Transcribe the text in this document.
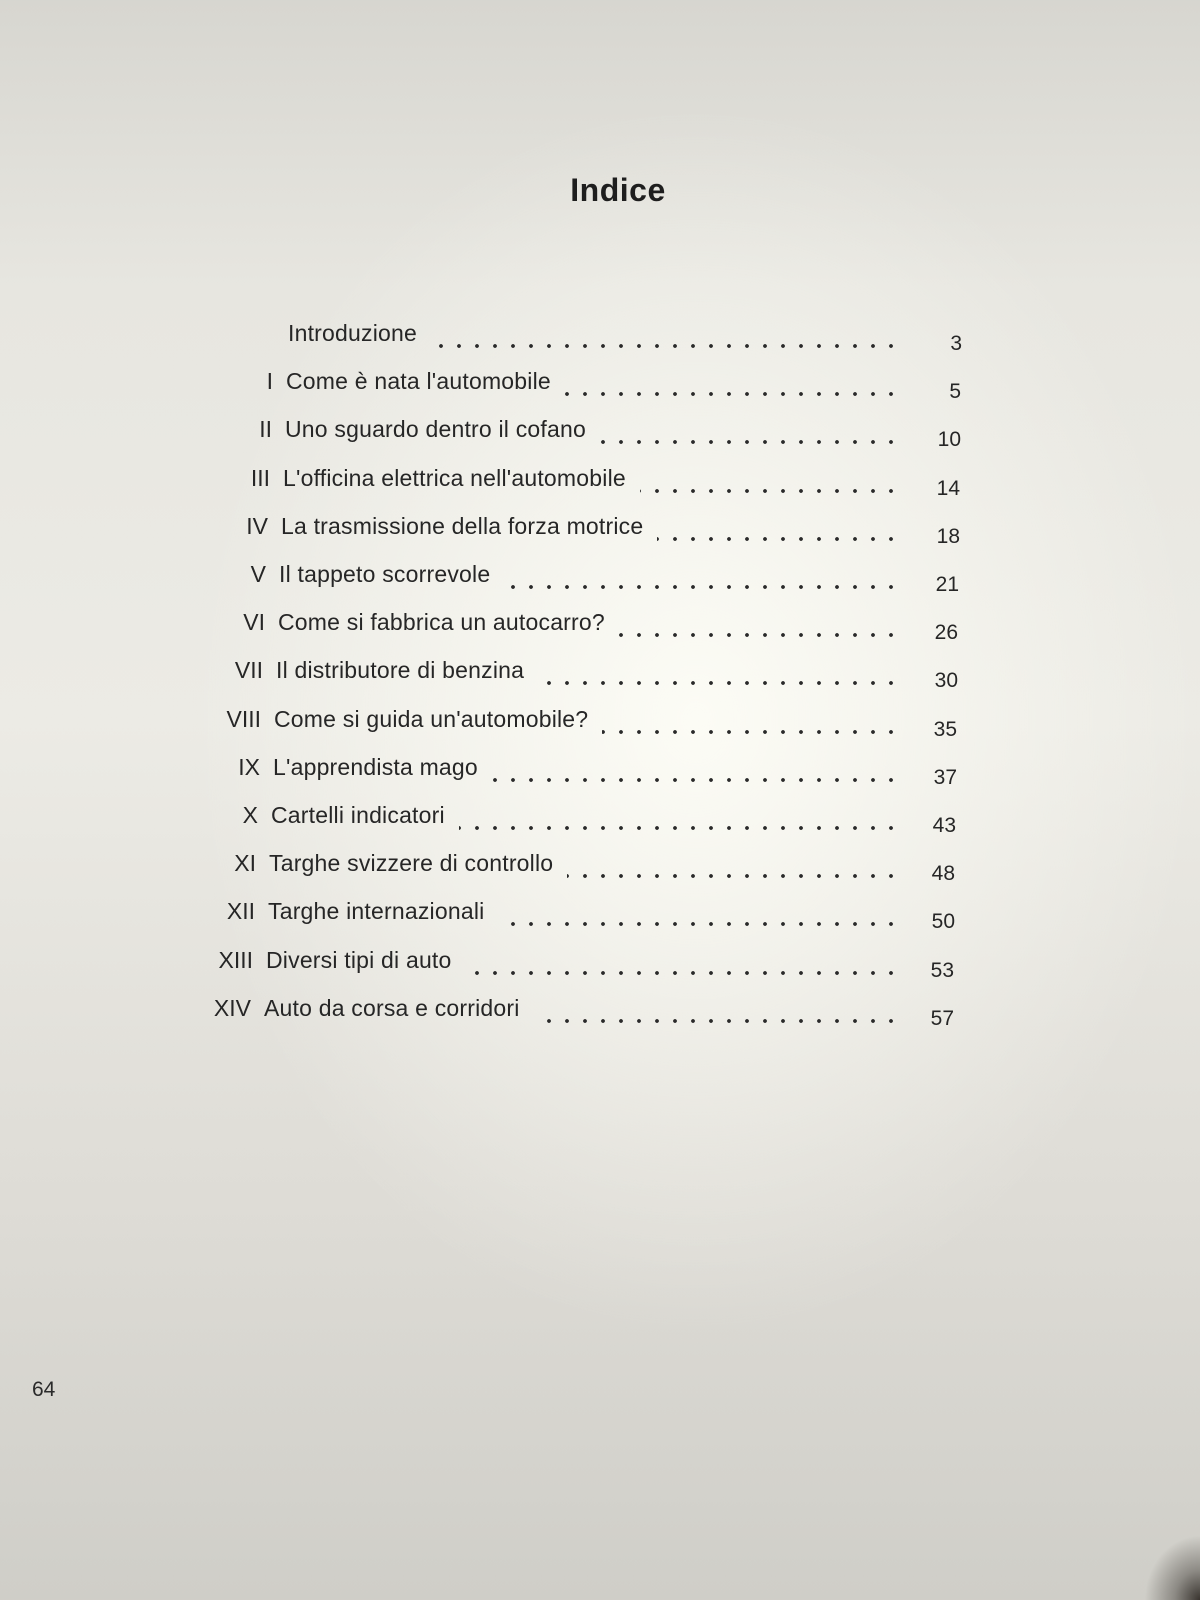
Indice
Introduzione	3
I Come è nata l'automobile	5
II Uno sguardo dentro il cofano	10
III L'officina elettrica nell'automobile	14
IV La trasmissione della forza motrice	18
V Il tappeto scorrevole	21
VI Come si fabbrica un autocarro?	26
VII Il distributore di benzina	30
VIII Come si guida un'automobile?	35
IX L'apprendista mago	37
X Cartelli indicatori	43
XI Targhe svizzere di controllo	48
XII Targhe internazionali	50
XIII Diversi tipi di auto	53
XIV Auto da corsa e corridori	57
64
